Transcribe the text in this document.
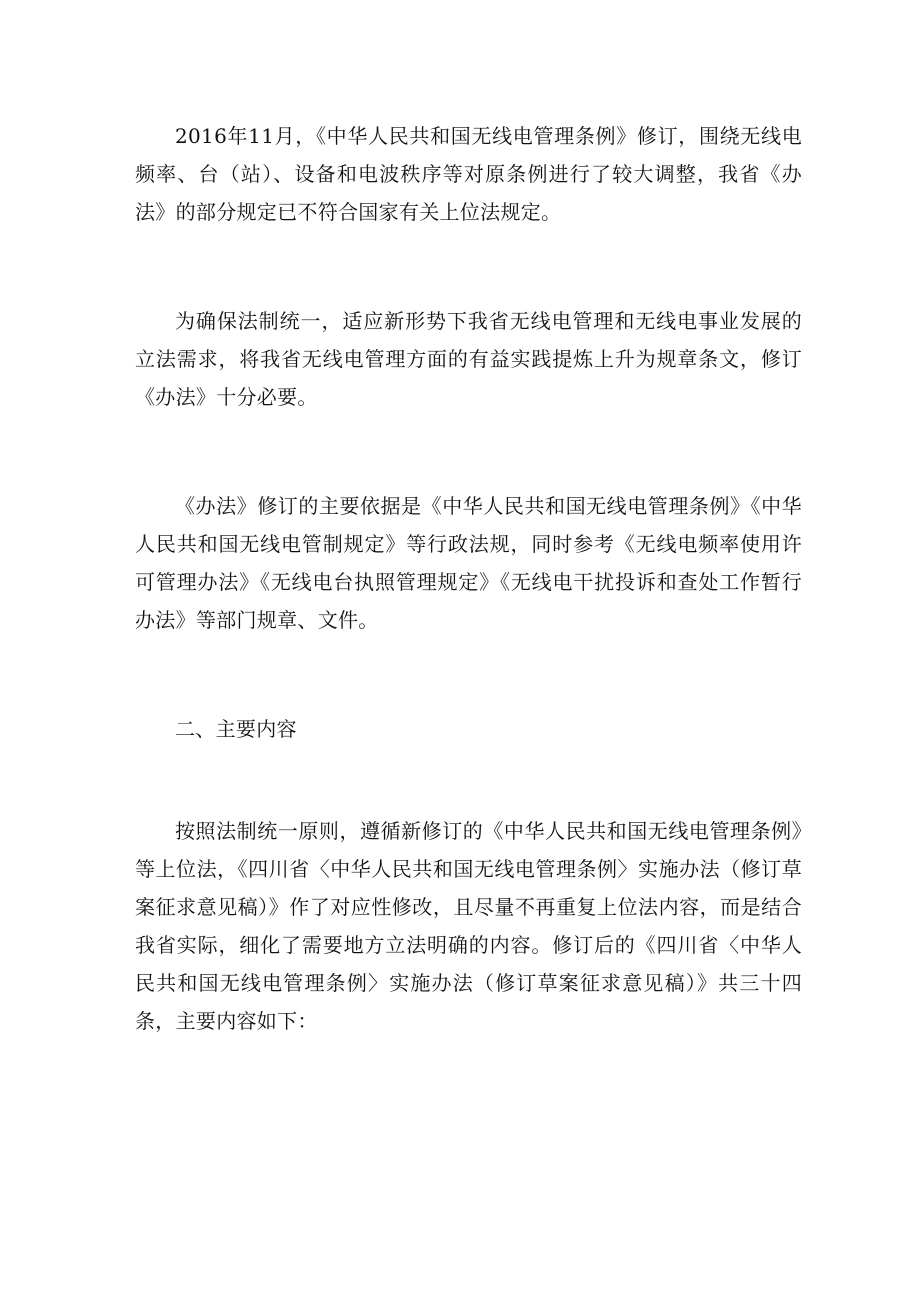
2016年11月，《中华人民共和国无线电管理条例》修订，围绕无线电频率、台（站）、设备和电波秩序等对原条例进行了较大调整，我省《办法》的部分规定已不符合国家有关上位法规定。

为确保法制统一，适应新形势下我省无线电管理和无线电事业发展的立法需求，将我省无线电管理方面的有益实践提炼上升为规章条文，修订《办法》十分必要。

《办法》修订的主要依据是《中华人民共和国无线电管理条例》《中华人民共和国无线电管制规定》等行政法规，同时参考《无线电频率使用许可管理办法》《无线电台执照管理规定》《无线电干扰投诉和查处工作暂行办法》等部门规章、文件。

二、主要内容

按照法制统一原则，遵循新修订的《中华人民共和国无线电管理条例》等上位法，《四川省〈中华人民共和国无线电管理条例〉实施办法（修订草案征求意见稿）》作了对应性修改，且尽量不再重复上位法内容，而是结合我省实际，细化了需要地方立法明确的内容。修订后的《四川省〈中华人民共和国无线电管理条例〉实施办法（修订草案征求意见稿）》共三十四条，主要内容如下：
